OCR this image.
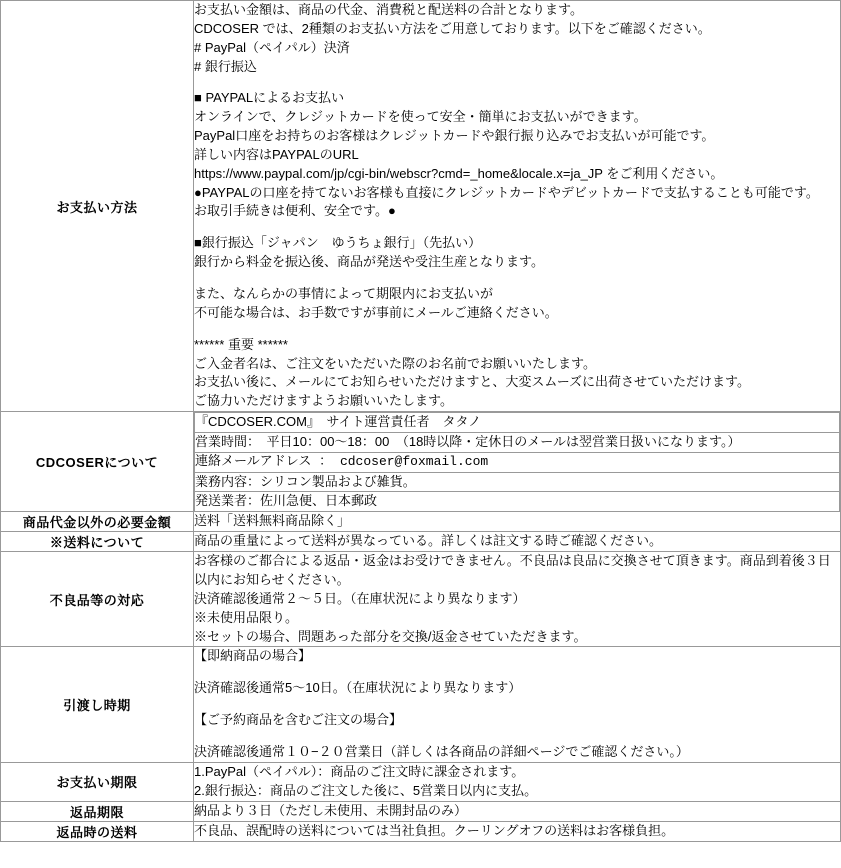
お支払い方法	
お支払い金額は、商品の代金、消費税と配送料の合計となります。
CDCOSER では、2種類のお支払い方法をご用意しております。以下をご確認ください。
# PayPal（ペイパル）決済
# 銀行振込

■ PAYPALによるお支払い
オンラインで、クレジットカードを使って安全・簡単にお支払いができます。
PayPal口座をお持ちのお客様はクレジットカードや銀行振り込みでお支払いが可能です。
詳しい内容はPAYPALのURL
https://www.paypal.com/jp/cgi-bin/webscr?cmd=_home&locale.x=ja_JP をご利用ください。
●PAYPALの口座を持てないお客様も直接にクレジットカードやデビットカードで支払することも可能です。
お取引手続きは便利、安全です。●

■銀行振込「ジャパン　ゆうちょ銀行」（先払い）
銀行から料金を振込後、商品が発送や受注生産となります。

また、なんらかの事情によって期限内にお支払いが
不可能な場合は、お手数ですが事前にメールご連絡ください。

****** 重要 ******
ご入金者名は、ご注文をいただいた際のお名前でお願いいたします。
お支払い後に、メールにてお知らせいただけますと、大変スムーズに出荷させていただけます。
ご協力いただけますようお願いいたします。

CDCOSERについて	
『CDCOSER.COM』　サイト運営責任者　タタノ
営業時間：　平日10：00〜18：00　（18時以降・定休日のメールは翌営業日扱いになります。）
連絡メールアドレス ： cdcoser@foxmail.com
業務内容：シリコン製品および雑貨。
発送業者：佐川急便、日本郵政

商品代金以外の必要金額	送料「送料無料商品除く」

※送料について	商品の重量によって送料が異なっている。詳しくは註文する時ご確認ください。

不良品等の対応	
お客様のご都合による返品・返金はお受けできません。不良品は良品に交換させて頂きます。商品到着後３日以内にお知らせください。
決済確認後通常２〜５日。（在庫状況により異なります）
※未使用品限り。
※セットの場合、問題あった部分を交換/返金させていただきます。

引渡し時期	
【即納商品の場合】

決済確認後通常5〜10日。（在庫状況により異なります）

【ご予約商品を含むご注文の場合】

決済確認後通常１０−２０営業日（詳しくは各商品の詳細ページでご確認ください。）

お支払い期限	
1.PayPal（ペイパル）：商品のご注文時に課金されます。
2.銀行振込：商品のご注文した後に、5営業日以内に支払。

返品期限	納品より３日（ただし未使用、未開封品のみ）

返品時の送料	不良品、誤配時の送料については当社負担。クーリングオフの送料はお客様負担。
